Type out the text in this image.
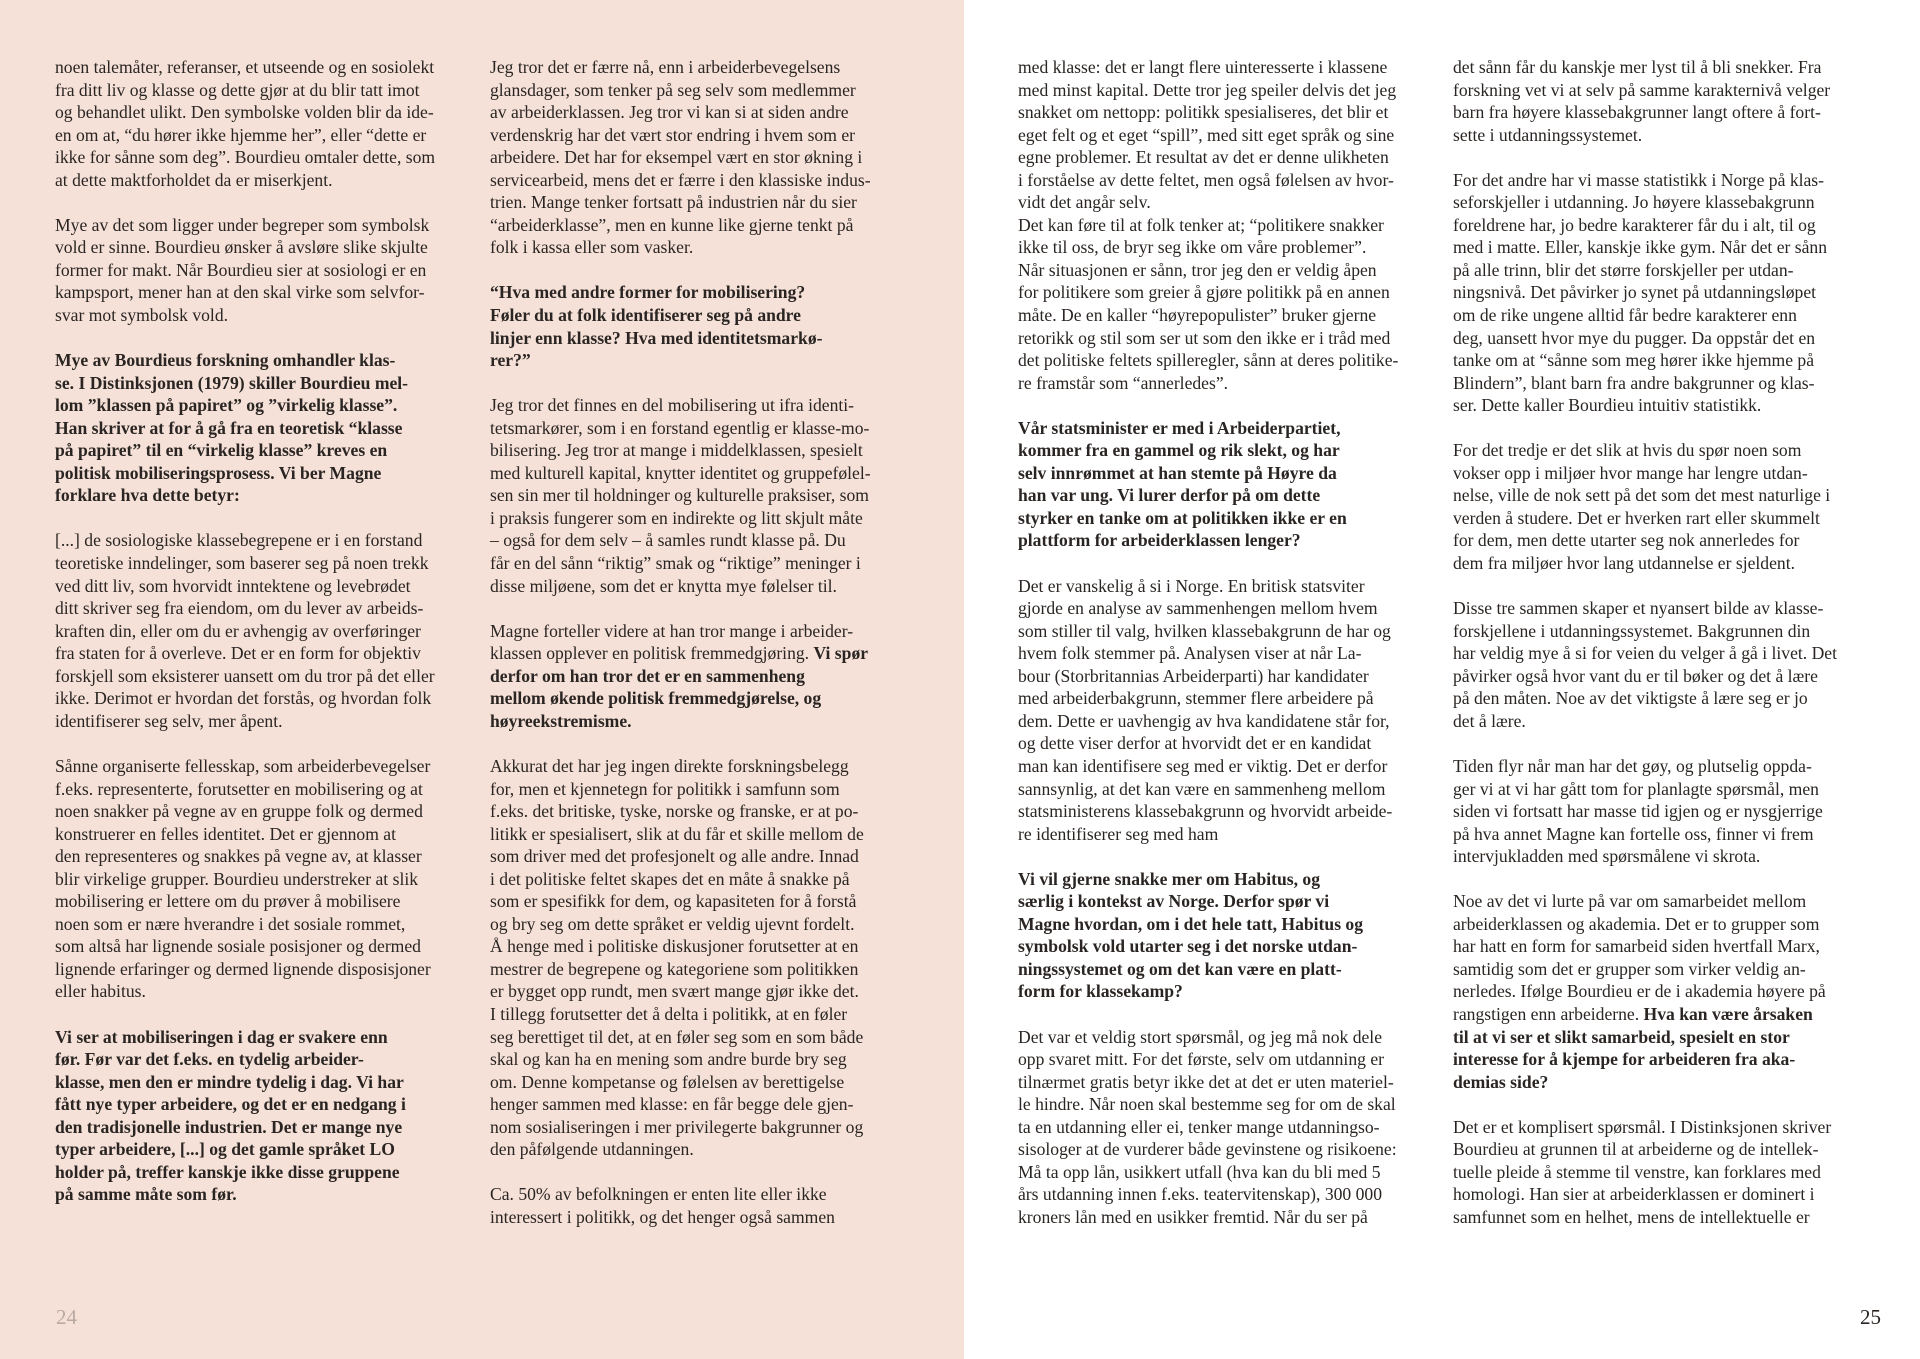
noen talemåter, referanser, et utseende og en sosiolekt
fra ditt liv og klasse og dette gjør at du blir tatt imot
og behandlet ulikt. Den symbolske volden blir da ide-
en om at, “du hører ikke hjemme her”, eller “dette er
ikke for sånne som deg”. Bourdieu omtaler dette, som
at dette maktforholdet da er miserkjent.

Mye av det som ligger under begreper som symbolsk
vold er sinne. Bourdieu ønsker å avsløre slike skjulte
former for makt. Når Bourdieu sier at sosiologi er en
kampsport, mener han at den skal virke som selvfor-
svar mot symbolsk vold.

Mye av Bourdieus forskning omhandler klas-
se. I Distinksjonen (1979) skiller Bourdieu mel-
lom ”klassen på papiret” og ”virkelig klasse”.
Han skriver at for å gå fra en teoretisk “klasse
på papiret” til en “virkelig klasse” kreves en
politisk mobiliseringsprosess. Vi ber Magne
forklare hva dette betyr:

[...] de sosiologiske klassebegrepene er i en forstand
teoretiske inndelinger, som baserer seg på noen trekk
ved ditt liv, som hvorvidt inntektene og levebrødet
ditt skriver seg fra eiendom, om du lever av arbeids-
kraften din, eller om du er avhengig av overføringer
fra staten for å overleve. Det er en form for objektiv
forskjell som eksisterer uansett om du tror på det eller
ikke. Derimot er hvordan det forstås, og hvordan folk
identifiserer seg selv, mer åpent.

Sånne organiserte fellesskap, som arbeiderbevegelser
f.eks. representerte, forutsetter en mobilisering og at
noen snakker på vegne av en gruppe folk og dermed
konstruerer en felles identitet. Det er gjennom at
den representeres og snakkes på vegne av, at klasser
blir virkelige grupper. Bourdieu understreker at slik
mobilisering er lettere om du prøver å mobilisere
noen som er nære hverandre i det sosiale rommet,
som altså har lignende sosiale posisjoner og dermed
lignende erfaringer og dermed lignende disposisjoner
eller habitus.

Vi ser at mobiliseringen i dag er svakere enn
før. Før var det f.eks. en tydelig arbeider-
klasse, men den er mindre tydelig i dag. Vi har
fått nye typer arbeidere, og det er en nedgang i
den tradisjonelle industrien. Det er mange nye
typer arbeidere, [...] og det gamle språket LO
holder på, treffer kanskje ikke disse gruppene
på samme måte som før.

Jeg tror det er færre nå, enn i arbeiderbevegelsens
glansdager, som tenker på seg selv som medlemmer
av arbeiderklassen. Jeg tror vi kan si at siden andre
verdenskrig har det vært stor endring i hvem som er
arbeidere. Det har for eksempel vært en stor økning i
servicearbeid, mens det er færre i den klassiske indus-
trien. Mange tenker fortsatt på industrien når du sier
“arbeiderklasse”, men en kunne like gjerne tenkt på
folk i kassa eller som vasker.

“Hva med andre former for mobilisering?
Føler du at folk identifiserer seg på andre
linjer enn klasse? Hva med identitetsmarkø-
rer?”

Jeg tror det finnes en del mobilisering ut ifra identi-
tetsmarkører, som i en forstand egentlig er klasse-mo-
bilisering. Jeg tror at mange i middelklassen, spesielt
med kulturell kapital, knytter identitet og gruppefølel-
sen sin mer til holdninger og kulturelle praksiser, som
i praksis fungerer som en indirekte og litt skjult måte
– også for dem selv – å samles rundt klasse på. Du
får en del sånn “riktig” smak og “riktige” meninger i
disse miljøene, som det er knytta mye følelser til.

Magne forteller videre at han tror mange i arbeider-
klassen opplever en politisk fremmedgjøring. Vi spør
derfor om han tror det er en sammenheng
mellom økende politisk fremmedgjørelse, og
høyreekstremisme.

Akkurat det har jeg ingen direkte forskningsbelegg
for, men et kjennetegn for politikk i samfunn som
f.eks. det britiske, tyske, norske og franske, er at po-
litikk er spesialisert, slik at du får et skille mellom de
som driver med det profesjonelt og alle andre. Innad
i det politiske feltet skapes det en måte å snakke på
som er spesifikk for dem, og kapasiteten for å forstå
og bry seg om dette språket er veldig ujevnt fordelt.
Å henge med i politiske diskusjoner forutsetter at en
mestrer de begrepene og kategoriene som politikken
er bygget opp rundt, men svært mange gjør ikke det.
I tillegg forutsetter det å delta i politikk, at en føler
seg berettiget til det, at en føler seg som en som både
skal og kan ha en mening som andre burde bry seg
om. Denne kompetanse og følelsen av berettigelse
henger sammen med klasse: en får begge dele gjen-
nom sosialiseringen i mer privilegerte bakgrunner og
den påfølgende utdanningen.

Ca. 50% av befolkningen er enten lite eller ikke
interessert i politikk, og det henger også sammen

24

med klasse: det er langt flere uinteresserte i klassene
med minst kapital. Dette tror jeg speiler delvis det jeg
snakket om nettopp: politikk spesialiseres, det blir et
eget felt og et eget “spill”, med sitt eget språk og sine
egne problemer. Et resultat av det er denne ulikheten
i forståelse av dette feltet, men også følelsen av hvor-
vidt det angår selv.

Det kan føre til at folk tenker at; “politikere snakker
ikke til oss, de bryr seg ikke om våre problemer”.
Når situasjonen er sånn, tror jeg den er veldig åpen
for politikere som greier å gjøre politikk på en annen
måte. De en kaller “høyrepopulister” bruker gjerne
retorikk og stil som ser ut som den ikke er i tråd med
det politiske feltets spilleregler, sånn at deres politike-
re framstår som “annerledes”.

Vår statsminister er med i Arbeiderpartiet,
kommer fra en gammel og rik slekt, og har
selv innrømmet at han stemte på Høyre da
han var ung. Vi lurer derfor på om dette
styrker en tanke om at politikken ikke er en
plattform for arbeiderklassen lenger?

Det er vanskelig å si i Norge. En britisk statsviter
gjorde en analyse av sammenhengen mellom hvem
som stiller til valg, hvilken klassebakgrunn de har og
hvem folk stemmer på. Analysen viser at når La-
bour (Storbritannias Arbeiderparti) har kandidater
med arbeiderbakgrunn, stemmer flere arbeidere på
dem. Dette er uavhengig av hva kandidatene står for,
og dette viser derfor at hvorvidt det er en kandidat
man kan identifisere seg med er viktig. Det er derfor
sannsynlig, at det kan være en sammenheng mellom
statsministerens klassebakgrunn og hvorvidt arbeide-
re identifiserer seg med ham

Vi vil gjerne snakke mer om Habitus, og
særlig i kontekst av Norge. Derfor spør vi
Magne hvordan, om i det hele tatt, Habitus og
symbolsk vold utarter seg i det norske utdan-
ningssystemet og om det kan være en platt-
form for klassekamp?

Det var et veldig stort spørsmål, og jeg må nok dele
opp svaret mitt. For det første, selv om utdanning er
tilnærmet gratis betyr ikke det at det er uten materiel-
le hindre. Når noen skal bestemme seg for om de skal
ta en utdanning eller ei, tenker mange utdanningso-
sisologer at de vurderer både gevinstene og risikoene:
Må ta opp lån, usikkert utfall (hva kan du bli med 5
års utdanning innen f.eks. teatervitenskap), 300 000
kroners lån med en usikker fremtid. Når du ser på

det sånn får du kanskje mer lyst til å bli snekker. Fra
forskning vet vi at selv på samme karakternivå velger
barn fra høyere klassebakgrunner langt oftere å fort-
sette i utdanningssystemet.

For det andre har vi masse statistikk i Norge på klas-
seforskjeller i utdanning. Jo høyere klassebakgrunn
foreldrene har, jo bedre karakterer får du i alt, til og
med i matte. Eller, kanskje ikke gym. Når det er sånn
på alle trinn, blir det større forskjeller per utdan-
ningsnivå. Det påvirker jo synet på utdanningsløpet
om de rike ungene alltid får bedre karakterer enn
deg, uansett hvor mye du pugger. Da oppstår det en
tanke om at “sånne som meg hører ikke hjemme på
Blindern”, blant barn fra andre bakgrunner og klas-
ser. Dette kaller Bourdieu intuitiv statistikk.

For det tredje er det slik at hvis du spør noen som
vokser opp i miljøer hvor mange har lengre utdan-
nelse, ville de nok sett på det som det mest naturlige i
verden å studere. Det er hverken rart eller skummelt
for dem, men dette utarter seg nok annerledes for
dem fra miljøer hvor lang utdannelse er sjeldent.

Disse tre sammen skaper et nyansert bilde av klasse-
forskjellene i utdanningssystemet. Bakgrunnen din
har veldig mye å si for veien du velger å gå i livet. Det
påvirker også hvor vant du er til bøker og det å lære
på den måten. Noe av det viktigste å lære seg er jo
det å lære.

Tiden flyr når man har det gøy, og plutselig oppda-
ger vi at vi har gått tom for planlagte spørsmål, men
siden vi fortsatt har masse tid igjen og er nysgjerrige
på hva annet Magne kan fortelle oss, finner vi frem
intervjukladden med spørsmålene vi skrota.

Noe av det vi lurte på var om samarbeidet mellom
arbeiderklassen og akademia. Det er to grupper som
har hatt en form for samarbeid siden hvertfall Marx,
samtidig som det er grupper som virker veldig an-
nerledes. Ifølge Bourdieu er de i akademia høyere på
rangstigen enn arbeiderne. Hva kan være årsaken
til at vi ser et slikt samarbeid, spesielt en stor
interesse for å kjempe for arbeideren fra aka-
demias side?

Det er et komplisert spørsmål. I Distinksjonen skriver
Bourdieu at grunnen til at arbeiderne og de intellek-
tuelle pleide å stemme til venstre, kan forklares med
homologi. Han sier at arbeiderklassen er dominert i
samfunnet som en helhet, mens de intellektuelle er

25
